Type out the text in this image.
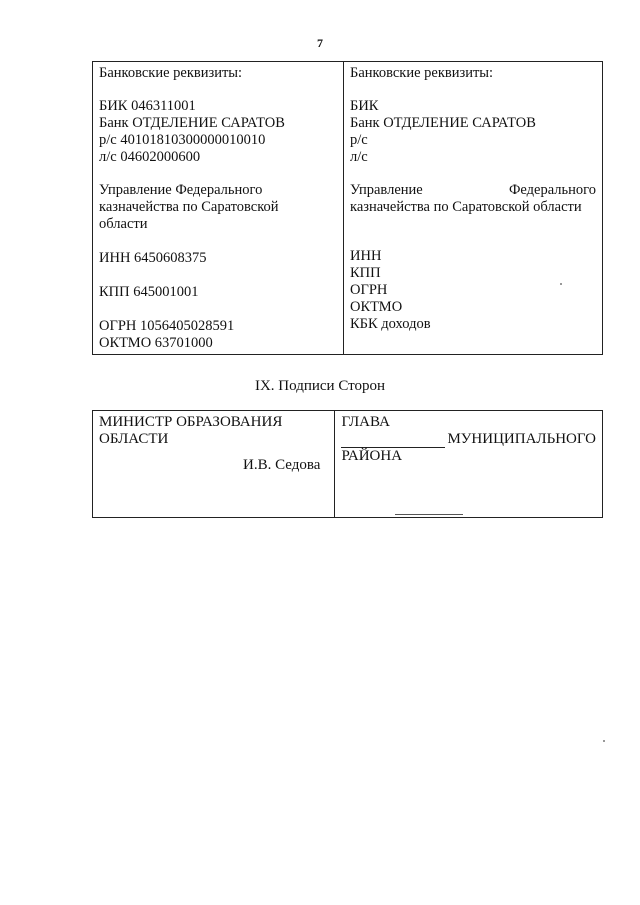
7
Банковские реквизиты:
БИК 046311001
Банк ОТДЕЛЕНИЕ САРАТОВ
р/с 40101810300000010010
л/с 04602000600
Управление Федерального
казначейства по Саратовской
области
ИНН 6450608375
КПП 645001001
ОГРН 1056405028591
ОКТМО 63701000

Банковские реквизиты:
БИК
Банк ОТДЕЛЕНИЕ САРАТОВ
р/с
л/с
Управление	Федерального
казначейства по Саратовской области
ИНН
КПП
ОГРН
ОКТМО
КБК доходов
IX. Подписи Сторон
МИНИСТР ОБРАЗОВАНИЯ
ОБЛАСТИ
И.В. Седова

ГЛАВА
МУНИЦИПАЛЬНОГО
РАЙОНА
